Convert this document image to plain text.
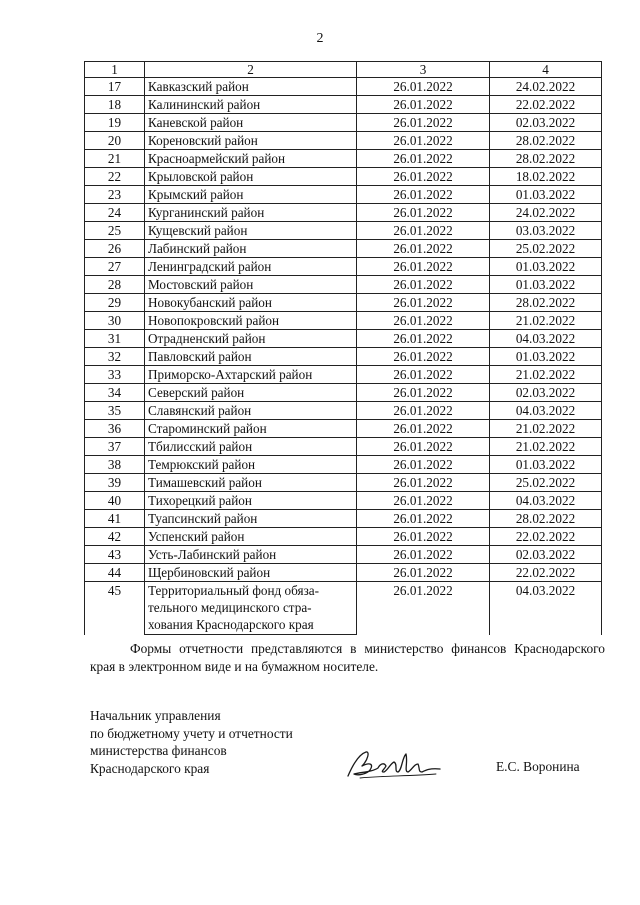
2
1	2	3	4
17	Кавказский район	26.01.2022	24.02.2022
18	Калининский район	26.01.2022	22.02.2022
19	Каневской район	26.01.2022	02.03.2022
20	Кореновский район	26.01.2022	28.02.2022
21	Красноармейский район	26.01.2022	28.02.2022
22	Крыловской район	26.01.2022	18.02.2022
23	Крымский район	26.01.2022	01.03.2022
24	Курганинский район	26.01.2022	24.02.2022
25	Кущевский район	26.01.2022	03.03.2022
26	Лабинский район	26.01.2022	25.02.2022
27	Ленинградский район	26.01.2022	01.03.2022
28	Мостовский район	26.01.2022	01.03.2022
29	Новокубанский район	26.01.2022	28.02.2022
30	Новопокровский район	26.01.2022	21.02.2022
31	Отрадненский район	26.01.2022	04.03.2022
32	Павловский район	26.01.2022	01.03.2022
33	Приморско-Ахтарский район	26.01.2022	21.02.2022
34	Северский район	26.01.2022	02.03.2022
35	Славянский район	26.01.2022	04.03.2022
36	Староминский район	26.01.2022	21.02.2022
37	Тбилисский район	26.01.2022	21.02.2022
38	Темрюкский район	26.01.2022	01.03.2022
39	Тимашевский район	26.01.2022	25.02.2022
40	Тихорецкий район	26.01.2022	04.03.2022
41	Туапсинский район	26.01.2022	28.02.2022
42	Успенский район	26.01.2022	22.02.2022
43	Усть-Лабинский район	26.01.2022	02.03.2022
44	Щербиновский район	26.01.2022	22.02.2022
45	Территориальный фонд обяза-
тельного медицинского стра-
хования Краснодарского края	26.01.2022	04.03.2022
Формы отчетности представляются в министерство финансов Краснодарского края в электронном виде и на бумажном носителе.
Начальник управления
по бюджетному учету и отчетности
министерства финансов
Краснодарского края	Е.С. Воронина
